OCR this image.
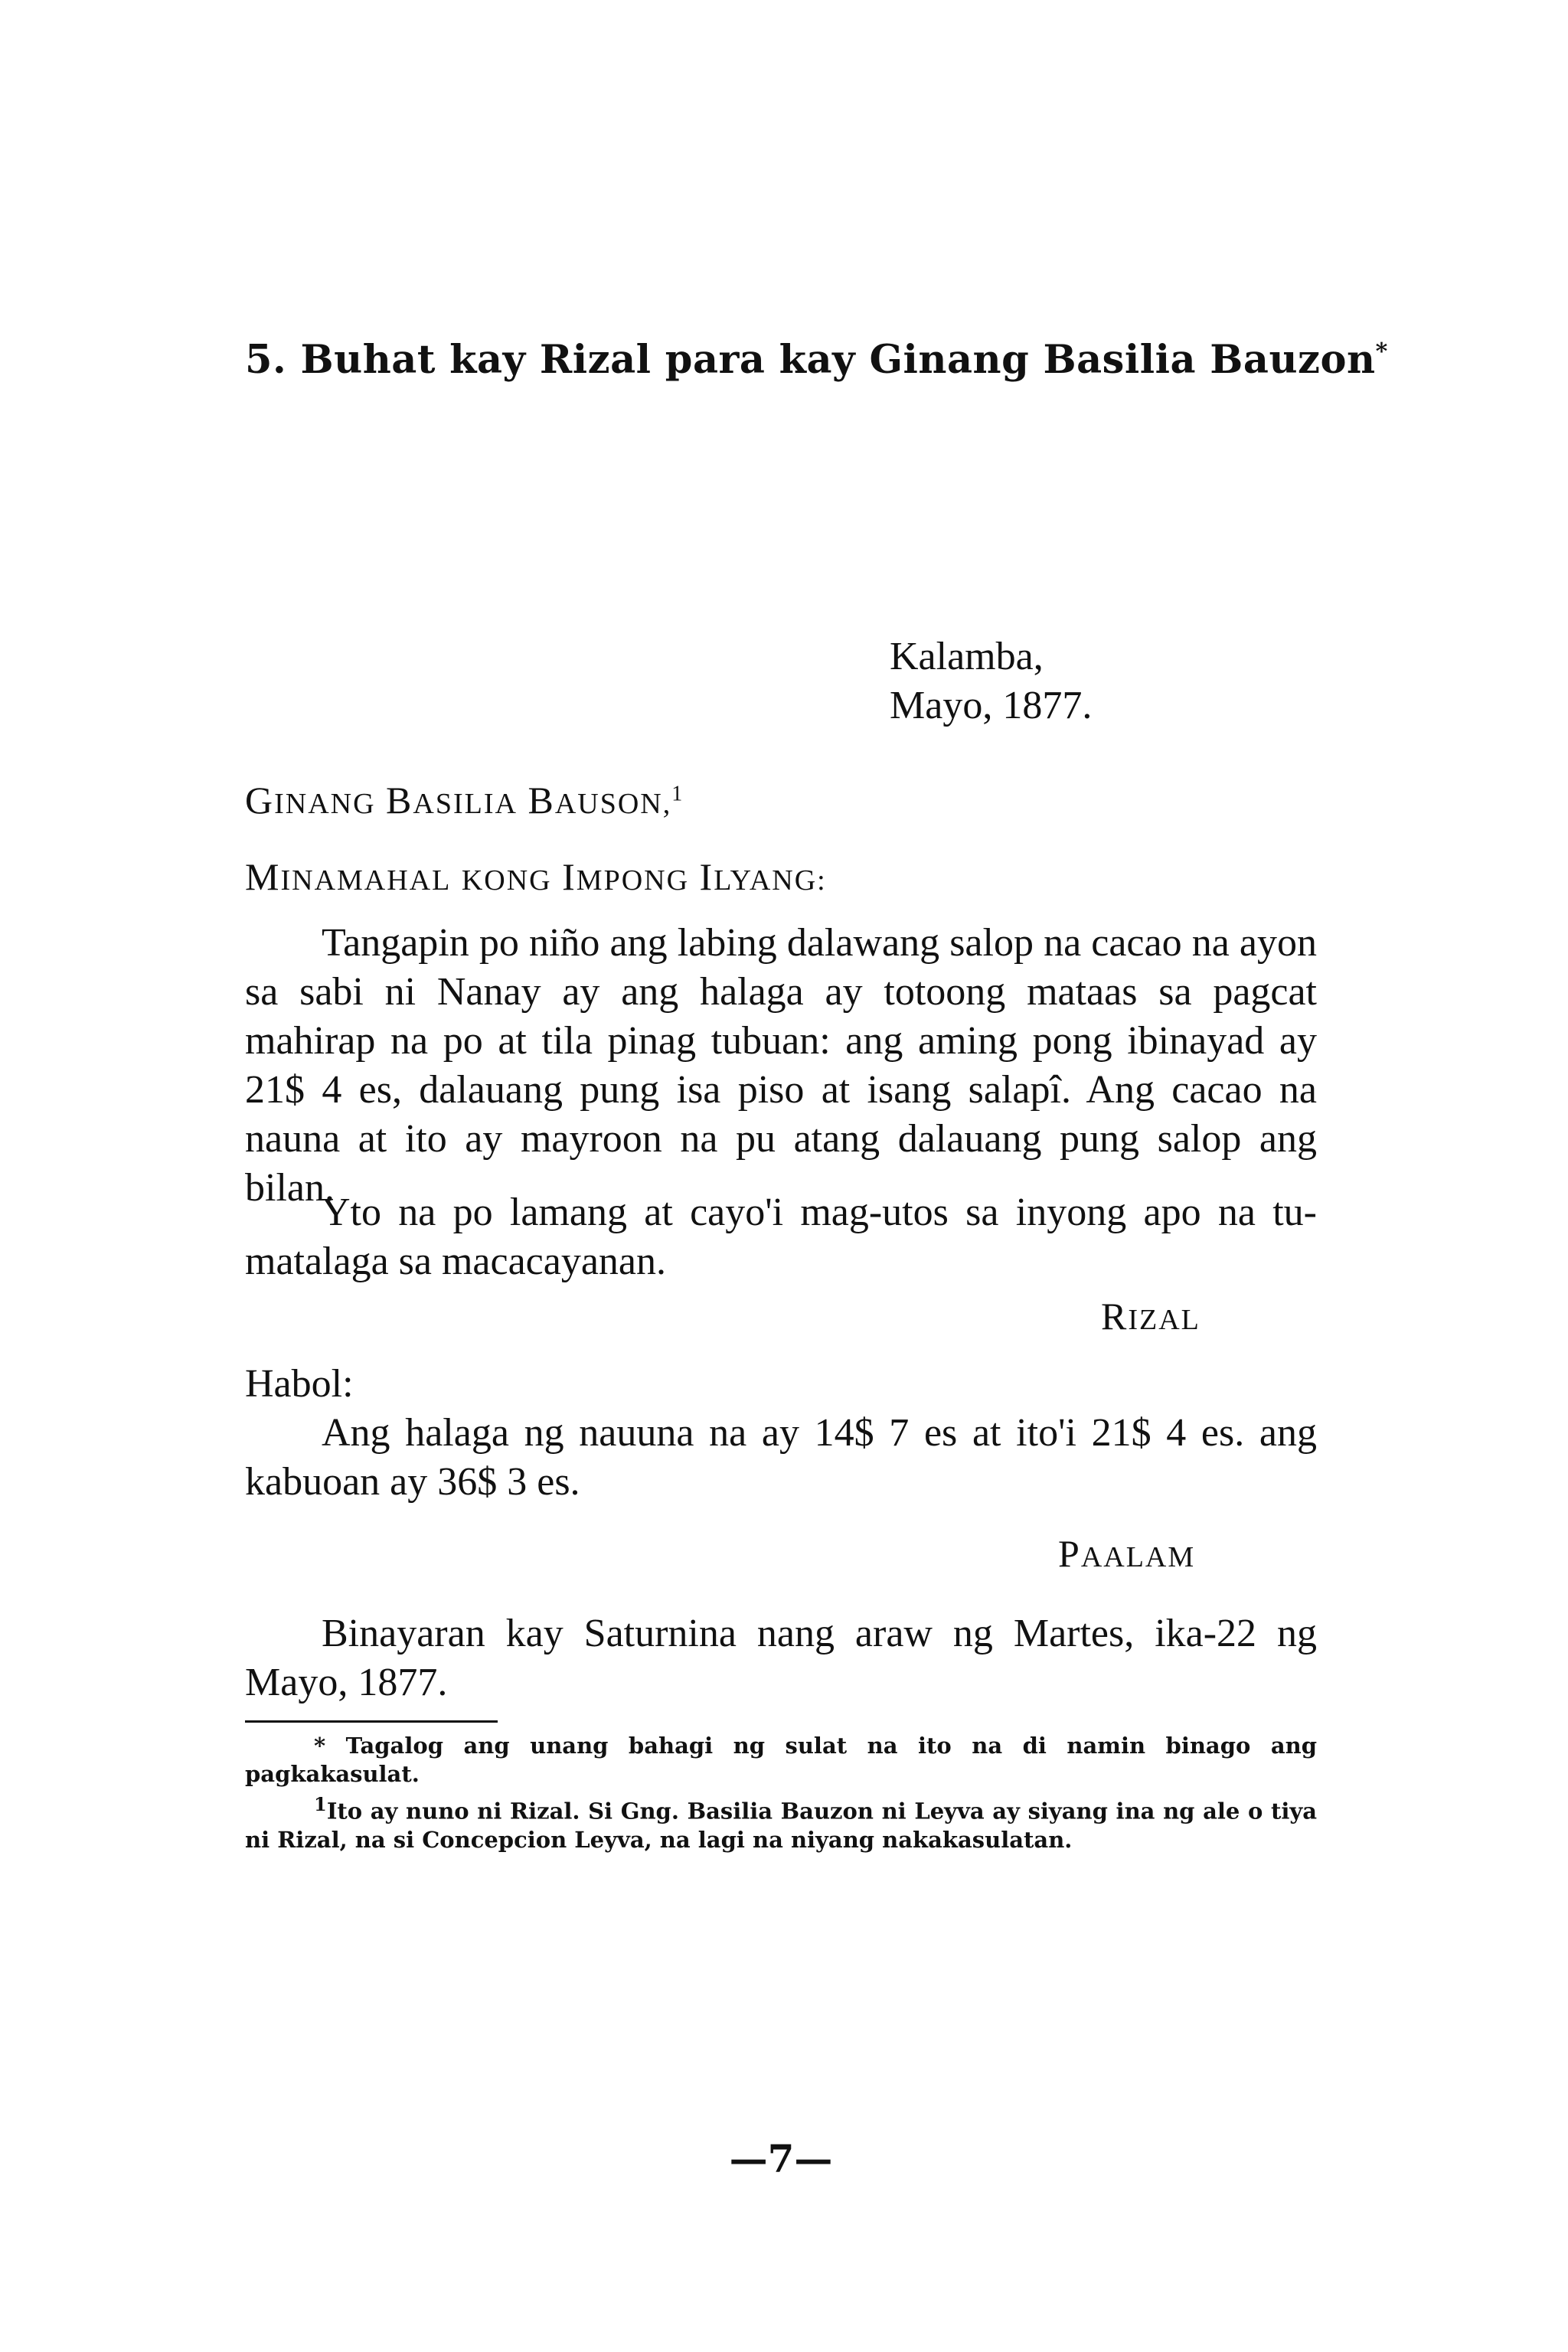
5. Buhat kay Rizal para kay Ginang Basilia Bauzon*
Kalamba,
Mayo, 1877.
GINANG BASILIA BAUSON,$^1$
MINAMAHAL KONG IMPONG ILYANG:

Tangapin po niño ang labing dalawang salop na cacao na ayon sa sabi ni Nanay ay ang halaga ay totoong mataas sa pagcat mahirap na po at tila pinag tubuan: ang aming pong ibinayad ay 21$ 4 es, dalauang pung isa piso at isang salapî. Ang cacao na nauna at ito ay mayroon na pu atang dalauang pung salop ang bilan.

Yto na po lamang at cayo'i mag-utos sa inyong apo na tumatalaga sa macacayanan.

RIZAL
Habol:

Ang halaga ng nauuna na ay 14$ 7 es at ito'i 21$ 4 es. ang kabuoan ay 36$ 3 es.

PAALAM

Binayaran kay Saturnina nang araw ng Martes, ika-22 ng Mayo, 1877.

* Tagalog ang unang bahagi ng sulat na ito na di namin binago ang pagkakasulat.

$^1$Ito ay nuno ni Rizal. Si Gng. Basilia Bauzon ni Leyva ay siyang ina ng ale o tiya ni Rizal, na si Concepcion Leyva, na lagi na niyang nakakasulatan.

—7—
